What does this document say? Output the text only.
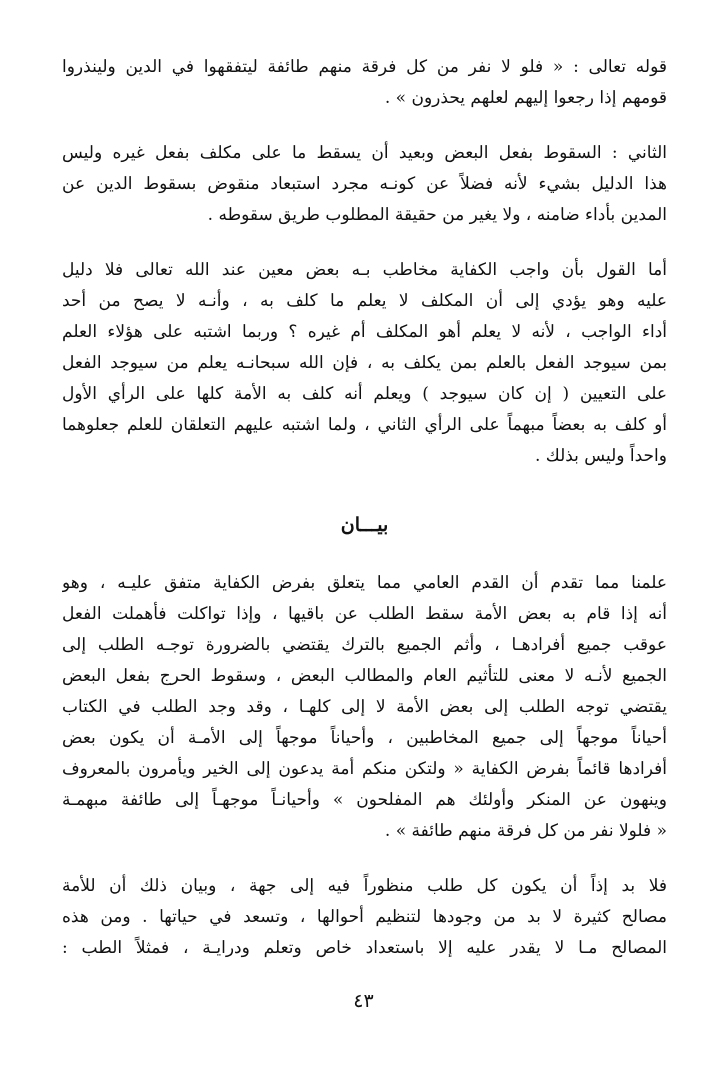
قوله تعالى : « فلو لا نفر من كل فرقة منهم طائفة ليتفقهوا في الدين ولينذروا
قومهم إذا رجعوا إليهم لعلهم يحذرون » .

الثاني : السقوط بفعل البعض وبعيد أن يسقط ما على مكلف بفعل غيره وليس
هذا الدليل بشيء لأنه فضلاً عن كونـه مجرد استبعاد منقوض بسقوط الدين عن
المدين بأداء ضامنه ، ولا يغير من حقيقة المطلوب طريق سقوطه .

أما القول بأن واجب الكفاية مخاطب بـه بعض معين عند الله تعالى فلا دليل
عليه وهو يؤدي إلى أن المكلف لا يعلم ما كلف به ، وأنـه لا يصح من أحد
أداء الواجب ، لأنه لا يعلم أهو المكلف أم غيره ؟ وربما اشتبه على هؤلاء العلم
بمن سيوجد الفعل بالعلم بمن يكلف به ، فإن الله سبحانـه يعلم من سيوجد الفعل
على التعيين ( إن كان سيوجد ) ويعلم أنه كلف به الأمة كلها على الرأي الأول
أو كلف به بعضاً مبهماً على الرأي الثاني ، ولما اشتبه عليهم التعلقان للعلم جعلوهما
واحداً وليس بذلك .

بيـــان

علمنا مما تقدم أن القدم العامي مما يتعلق بفرض الكفاية متفق عليـه ، وهو
أنه إذا قام به بعض الأمة سقط الطلب عن باقيها ، وإذا تواكلت فأهملت الفعل
عوقب جميع أفرادهـا ، وأثم الجميع بالترك يقتضي بالضرورة توجـه الطلب إلى
الجميع لأنـه لا معنى للتأثيم العام والمطالب البعض ، وسقوط الحرج بفعل البعض
يقتضي توجه الطلب إلى بعض الأمة لا إلى كلهـا ، وقد وجد الطلب في الكتاب
أحياناً موجهاً إلى جميع المخاطبين ، وأحياناً موجهاً إلى الأمـة أن يكون بعض
أفرادها قائماً بفرض الكفاية « ولتكن منكم أمة يدعون إلى الخير ويأمرون بالمعروف
وينهون عن المنكر وأولئك هم المفلحون » وأحيانـاً موجهـاً إلى طائفة مبهمـة
« فلولا نفر من كل فرقة منهم طائفة » .

فلا بد إذاً أن يكون كل طلب منظوراً فيه إلى جهة ، وبيان ذلك أن للأمة
مصالح كثيرة لا بد من وجودها لتنظيم أحوالها ، وتسعد في حياتها . ومن هذه
المصالح مـا لا يقدر عليه إلا باستعداد خاص وتعلم ودرايـة ، فمثلاً الطب :

٤٣
